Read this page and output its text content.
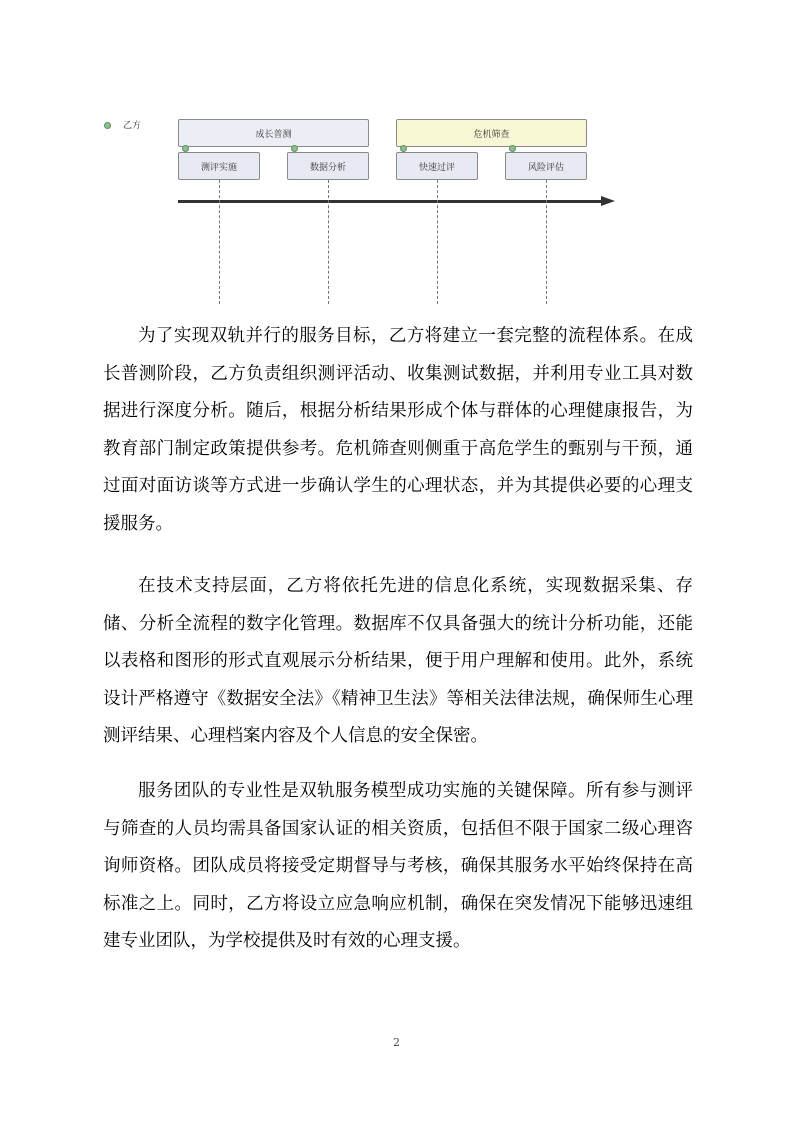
乙方
成长普测	危机筛查
测评实施	数据分析	快速过评	风险评估

为了实现双轨并行的服务目标，乙方将建立一套完整的流程体系。在成长普测阶段，乙方负责组织测评活动、收集测试数据，并利用专业工具对数据进行深度分析。随后，根据分析结果形成个体与群体的心理健康报告，为教育部门制定政策提供参考。危机筛查则侧重于高危学生的甄别与干预，通过面对面访谈等方式进一步确认学生的心理状态，并为其提供必要的心理支援服务。

在技术支持层面，乙方将依托先进的信息化系统，实现数据采集、存储、分析全流程的数字化管理。数据库不仅具备强大的统计分析功能，还能以表格和图形的形式直观展示分析结果，便于用户理解和使用。此外，系统设计严格遵守《数据安全法》《精神卫生法》等相关法律法规，确保师生心理测评结果、心理档案内容及个人信息的安全保密。

服务团队的专业性是双轨服务模型成功实施的关键保障。所有参与测评与筛查的人员均需具备国家认证的相关资质，包括但不限于国家二级心理咨询师资格。团队成员将接受定期督导与考核，确保其服务水平始终保持在高标准之上。同时，乙方将设立应急响应机制，确保在突发情况下能够迅速组建专业团队，为学校提供及时有效的心理支援。

2
